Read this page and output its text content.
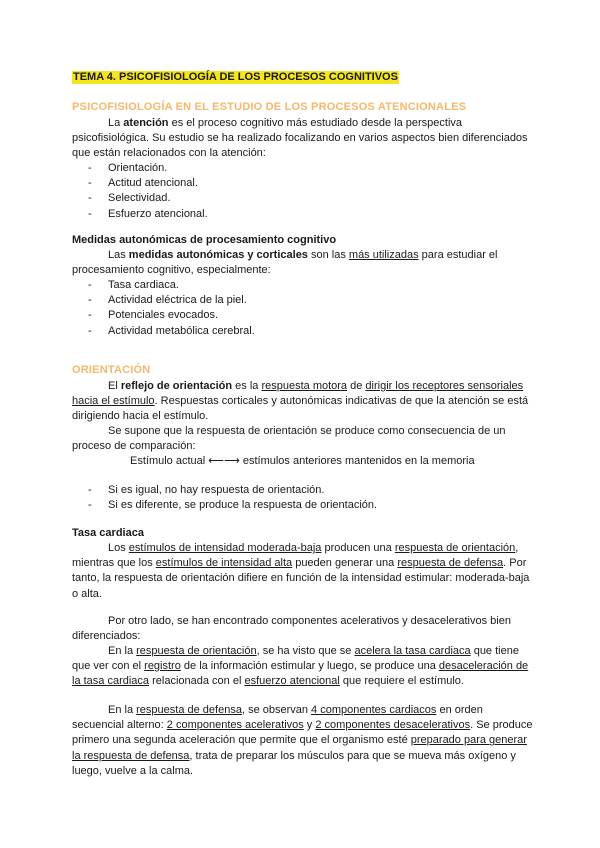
TEMA 4. PSICOFISIOLOGÍA DE LOS PROCESOS COGNITIVOS
PSICOFISIOLOGÍA EN EL ESTUDIO DE LOS PROCESOS ATENCIONALES
La atención es el proceso cognitivo más estudiado desde la perspectiva psicofisiológica. Su estudio se ha realizado focalizando en varios aspectos bien diferenciados que están relacionados con la atención:
- Orientación.
- Actitud atencional.
- Selectividad.
- Esfuerzo atencional.
Medidas autonómicas de procesamiento cognitivo
Las medidas autonómicas y corticales son las más utilizadas para estudiar el procesamiento cognitivo, especialmente:
- Tasa cardiaca.
- Actividad eléctrica de la piel.
- Potenciales evocados.
- Actividad metabólica cerebral.
ORIENTACIÓN
El reflejo de orientación es la respuesta motora de dirigir los receptores sensoriales hacia el estímulo. Respuestas corticales y autonómicas indicativas de que la atención se está dirigiendo hacia el estímulo.
Se supone que la respuesta de orientación se produce como consecuencia de un proceso de comparación:
Estímulo actual ⟵⟶ estímulos anteriores mantenidos en la memoria
- Si es igual, no hay respuesta de orientación.
- Si es diferente, se produce la respuesta de orientación.
Tasa cardiaca
Los estímulos de intensidad moderada-baja producen una respuesta de orientación, mientras que los estímulos de intensidad alta pueden generar una respuesta de defensa. Por tanto, la respuesta de orientación difiere en función de la intensidad estimular: moderada-baja o alta.
Por otro lado, se han encontrado componentes acelerativos y desacelerativos bien diferenciados:
En la respuesta de orientación, se ha visto que se acelera la tasa cardiaca que tiene que ver con el registro de la información estimular y luego, se produce una desaceleración de la tasa cardiaca relacionada con el esfuerzo atencional que requiere el estímulo.
En la respuesta de defensa, se observan 4 componentes cardiacos en orden secuencial alterno: 2 componentes acelerativos y 2 componentes desacelerativos. Se produce primero una segunda aceleración que permite que el organismo esté preparado para generar la respuesta de defensa, trata de preparar los músculos para que se mueva más oxígeno y luego, vuelve a la calma.
